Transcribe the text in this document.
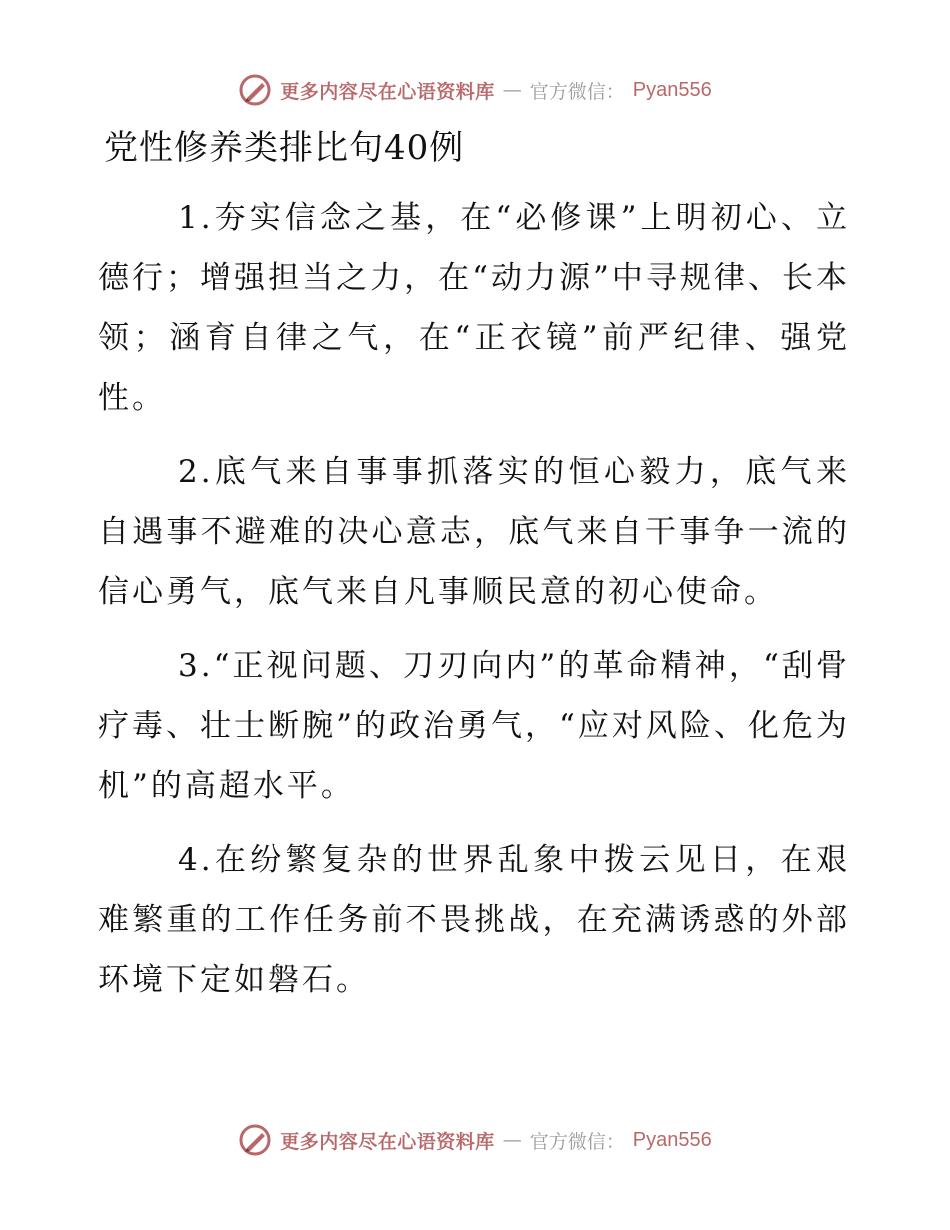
更多内容尽在心语资料库 — 官方微信： Pyan556
党性修养类排比句40例

1.夯实信念之基，在“必修课”上明初心、立德行；增强担当之力，在“动力源”中寻规律、长本领；涵育自律之气，在“正衣镜”前严纪律、强党性。

2.底气来自事事抓落实的恒心毅力，底气来自遇事不避难的决心意志，底气来自干事争一流的信心勇气，底气来自凡事顺民意的初心使命。

3.“正视问题、刀刃向内”的革命精神，“刮骨疗毒、壮士断腕”的政治勇气，“应对风险、化危为机”的高超水平。

4.在纷繁复杂的世界乱象中拨云见日，在艰难繁重的工作任务前不畏挑战，在充满诱惑的外部环境下定如磐石。

更多内容尽在心语资料库 — 官方微信： Pyan556
